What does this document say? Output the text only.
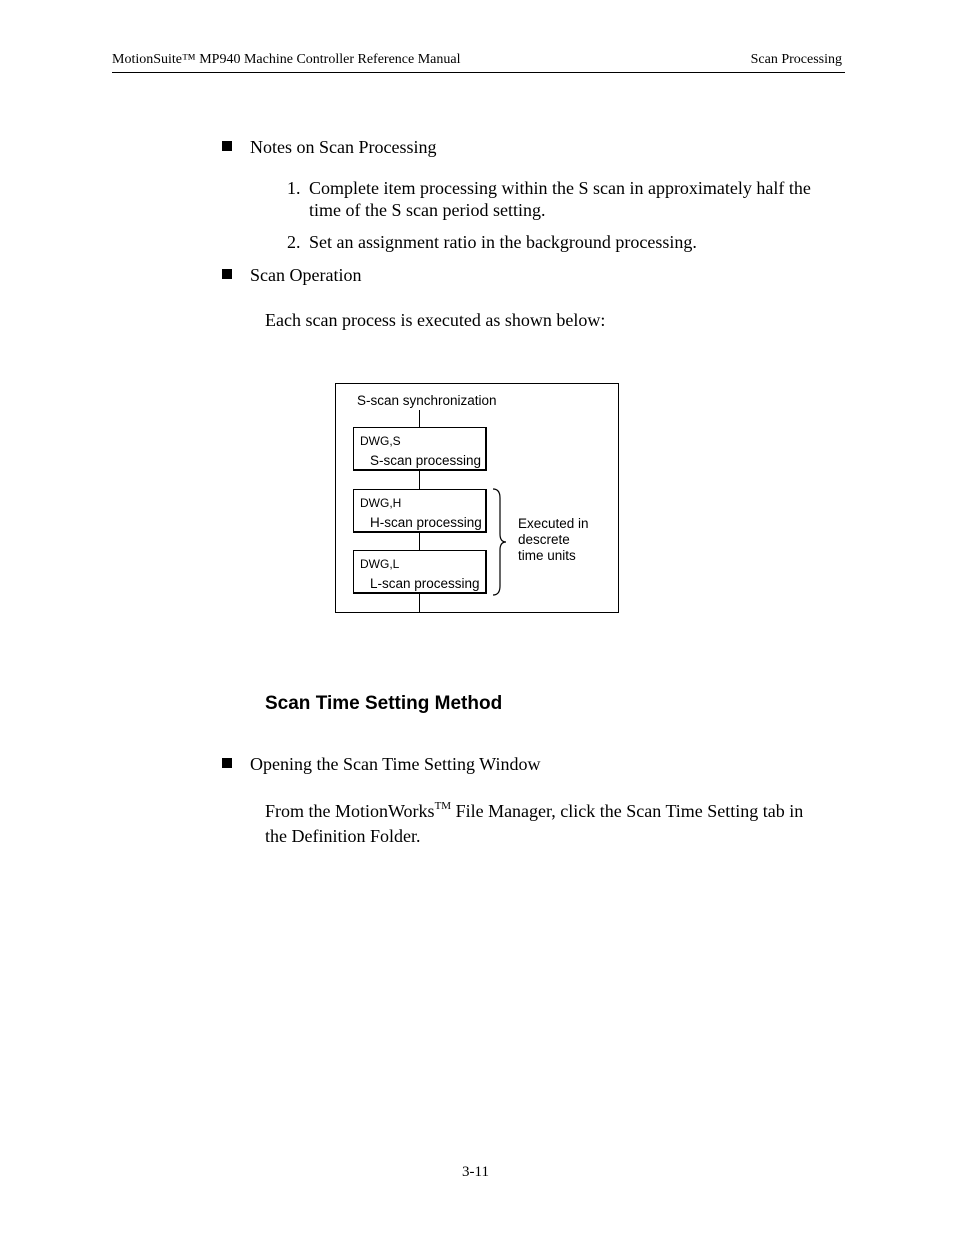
MotionSuite™ MP940 Machine Controller Reference Manual	Scan Processing
Notes on Scan Processing
1. Complete item processing within the S scan in approximately half the
time of the S scan period setting.
2. Set an assignment ratio in the background processing.
Scan Operation
Each scan process is executed as shown below:
S-scan synchronization
DWG,S
S-scan processing
DWG,H
H-scan processing
DWG,L
L-scan processing
Executed in
descrete
time units
Scan Time Setting Method
Opening the Scan Time Setting Window
From the MotionWorks™ File Manager, click the Scan Time Setting tab in
the Definition Folder.
3-11
